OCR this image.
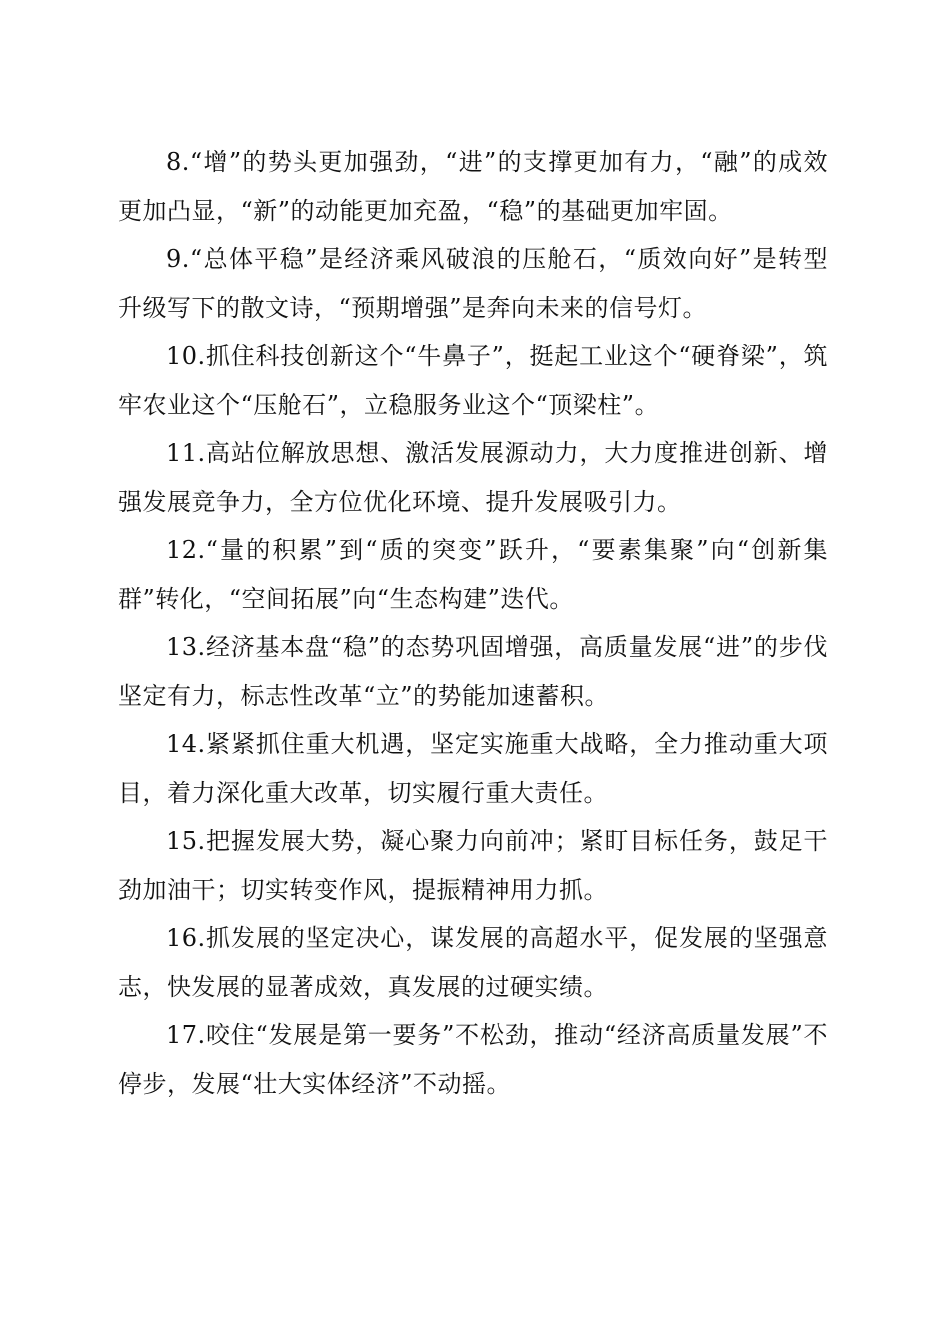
8.“增”的势头更加强劲，“进”的支撑更加有力，“融”的成效更加凸显，“新”的动能更加充盈，“稳”的基础更加牢固。

9.“总体平稳”是经济乘风破浪的压舱石，“质效向好”是转型升级写下的散文诗，“预期增强”是奔向未来的信号灯。

10.抓住科技创新这个“牛鼻子”，挺起工业这个“硬脊梁”，筑牢农业这个“压舱石”，立稳服务业这个“顶梁柱”。

11.高站位解放思想、激活发展源动力，大力度推进创新、增强发展竞争力，全方位优化环境、提升发展吸引力。

12.“量的积累”到“质的突变”跃升，“要素集聚”向“创新集群”转化，“空间拓展”向“生态构建”迭代。

13.经济基本盘“稳”的态势巩固增强，高质量发展“进”的步伐坚定有力，标志性改革“立”的势能加速蓄积。

14.紧紧抓住重大机遇，坚定实施重大战略，全力推动重大项目，着力深化重大改革，切实履行重大责任。

15.把握发展大势，凝心聚力向前冲；紧盯目标任务，鼓足干劲加油干；切实转变作风，提振精神用力抓。

16.抓发展的坚定决心，谋发展的高超水平，促发展的坚强意志，快发展的显著成效，真发展的过硬实绩。

17.咬住“发展是第一要务”不松劲，推动“经济高质量发展”不停步，发展“壮大实体经济”不动摇。
